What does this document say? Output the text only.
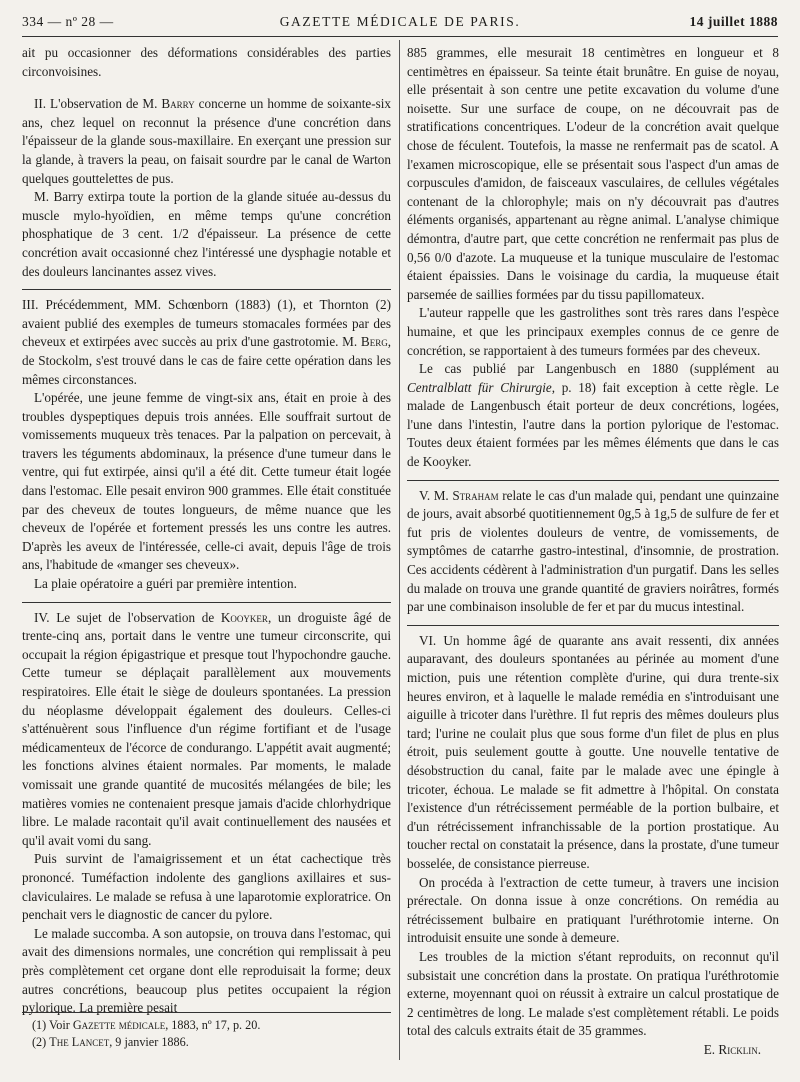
334 — nº 28 —	GAZETTE MÉDICALE DE PARIS.	14 juillet 1888

ait pu occasionner des déformations considérables des parties circonvoisines.

II. L'observation de M. Barry concerne un homme de soixante-six ans, chez lequel on reconnut la présence d'une concrétion dans l'épaisseur de la glande sous-maxillaire. En exerçant une pression sur la glande, à travers la peau, on faisait sourdre par le canal de Warton quelques gouttelettes de pus.

M. Barry extirpa toute la portion de la glande située au-dessus du muscle mylo-hyoïdien, en même temps qu'une concrétion phosphatique de 3 cent. 1/2 d'épaisseur. La présence de cette concrétion avait occasionné chez l'intéressé une dysphagie notable et des douleurs lancinantes assez vives.

III. Précédemment, MM. Schœnborn (1883) (1), et Thornton (2) avaient publié des exemples de tumeurs stomacales formées par des cheveux et extirpées avec succès au prix d'une gastrotomie. M. Berg, de Stockolm, s'est trouvé dans le cas de faire cette opération dans les mêmes circonstances.

L'opérée, une jeune femme de vingt-six ans, était en proie à des troubles dyspeptiques depuis trois années. Elle souffrait surtout de vomissements muqueux très tenaces. Par la palpation on percevait, à travers les téguments abdominaux, la présence d'une tumeur dans le ventre, qui fut extirpée, ainsi qu'il a été dit. Cette tumeur était logée dans l'estomac. Elle pesait environ 900 grammes. Elle était constituée par des cheveux de toutes longueurs, de même nuance que les cheveux de l'opérée et fortement pressés les uns contre les autres. D'après les aveux de l'intéressée, celle-ci avait, depuis l'âge de trois ans, l'habitude de «manger ses cheveux».

La plaie opératoire a guéri par première intention.

IV. Le sujet de l'observation de Kooyker, un droguiste âgé de trente-cinq ans, portait dans le ventre une tumeur circonscrite, qui occupait la région épigastrique et presque tout l'hypochondre gauche. Cette tumeur se déplaçait parallèlement aux mouvements respiratoires. Elle était le siège de douleurs spontanées. La pression du néoplasme développait également des douleurs. Celles-ci s'atténuèrent sous l'influence d'un régime fortifiant et de l'usage médicamenteux de l'écorce de condurango. L'appétit avait augmenté; les fonctions alvines étaient normales. Par moments, le malade vomissait une grande quantité de mucosités mélangées de bile; les matières vomies ne contenaient presque jamais d'acide chlorhydrique libre. Le malade racontait qu'il avait continuellement des nausées et qu'il avait vomi du sang.

Puis survint de l'amaigrissement et un état cachectique très prononcé. Tuméfaction indolente des ganglions axillaires et sus-claviculaires. Le malade se refusa à une laparotomie exploratrice. On penchait vers le diagnostic de cancer du pylore.

Le malade succomba. A son autopsie, on trouva dans l'estomac, qui avait des dimensions normales, une concrétion qui remplissait à peu près complètement cet organe dont elle reproduisait la forme; deux autres concrétions, beaucoup plus petites occupaient la région pylorique. La première pesait

(1) Voir Gazette médicale, 1883, nº 17, p. 20.

(2) The Lancet, 9 janvier 1886.

885 grammes, elle mesurait 18 centimètres en longueur et 8 centimètres en épaisseur. Sa teinte était brunâtre. En guise de noyau, elle présentait à son centre une petite excavation du volume d'une noisette. Sur une surface de coupe, on ne découvrait pas de stratifications concentriques. L'odeur de la concrétion avait quelque chose de féculent. Toutefois, la masse ne renfermait pas de scatol. A l'examen microscopique, elle se présentait sous l'aspect d'un amas de corpuscules d'amidon, de faisceaux vasculaires, de cellules végétales contenant de la chlorophyle; mais on n'y découvrait pas d'autres éléments organisés, appartenant au règne animal. L'analyse chimique démontra, d'autre part, que cette concrétion ne renfermait pas plus de 0,56 0/0 d'azote. La muqueuse et la tunique musculaire de l'estomac étaient épaissies. Dans le voisinage du cardia, la muqueuse était parsemée de saillies formées par du tissu papillomateux.

L'auteur rappelle que les gastrolithes sont très rares dans l'espèce humaine, et que les principaux exemples connus de ce genre de concrétion, se rapportaient à des tumeurs formées par des cheveux.

Le cas publié par Langenbusch en 1880 (supplément au Centralblatt für Chirurgie, p. 18) fait exception à cette règle. Le malade de Langenbusch était porteur de deux concrétions, logées, l'une dans l'intestin, l'autre dans la portion pylorique de l'estomac. Toutes deux étaient formées par les mêmes éléments que dans le cas de Kooyker.

V. M. Straham relate le cas d'un malade qui, pendant une quinzaine de jours, avait absorbé quotitiennement 0g,5 à 1g,5 de sulfure de fer et fut pris de violentes douleurs de ventre, de vomissements, de symptômes de catarrhe gastro-intestinal, d'insomnie, de prostration. Ces accidents cédèrent à l'administration d'un purgatif. Dans les selles du malade on trouva une grande quantité de graviers noirâtres, formés par une combinaison insoluble de fer et par du mucus intestinal.

VI. Un homme âgé de quarante ans avait ressenti, dix années auparavant, des douleurs spontanées au périnée au moment d'une miction, puis une rétention complète d'urine, qui dura trente-six heures environ, et à laquelle le malade remédia en s'introduisant une aiguille à tricoter dans l'urèthre. Il fut repris des mêmes douleurs plus tard; l'urine ne coulait plus que sous forme d'un filet de plus en plus étroit, puis seulement goutte à goutte. Une nouvelle tentative de désobstruction du canal, faite par le malade avec une épingle à tricoter, échoua. Le malade se fit admettre à l'hôpital. On constata l'existence d'un rétrécissement perméable de la portion bulbaire, et d'un rétrécissement infranchissable de la portion prostatique. Au toucher rectal on constatait la présence, dans la prostate, d'une tumeur bosselée, de consistance pierreuse.

On procéda à l'extraction de cette tumeur, à travers une incision prérectale. On donna issue à onze concrétions. On remédia au rétrécissement bulbaire en pratiquant l'uréthrotomie interne. On introduisit ensuite une sonde à demeure.

Les troubles de la miction s'étant reproduits, on reconnut qu'il subsistait une concrétion dans la prostate. On pratiqua l'uréthrotomie externe, moyennant quoi on réussit à extraire un calcul prostatique de 2 centimètres de long. Le malade s'est complètement rétabli. Le poids total des calculs extraits était de 35 grammes.

E. Ricklin.
